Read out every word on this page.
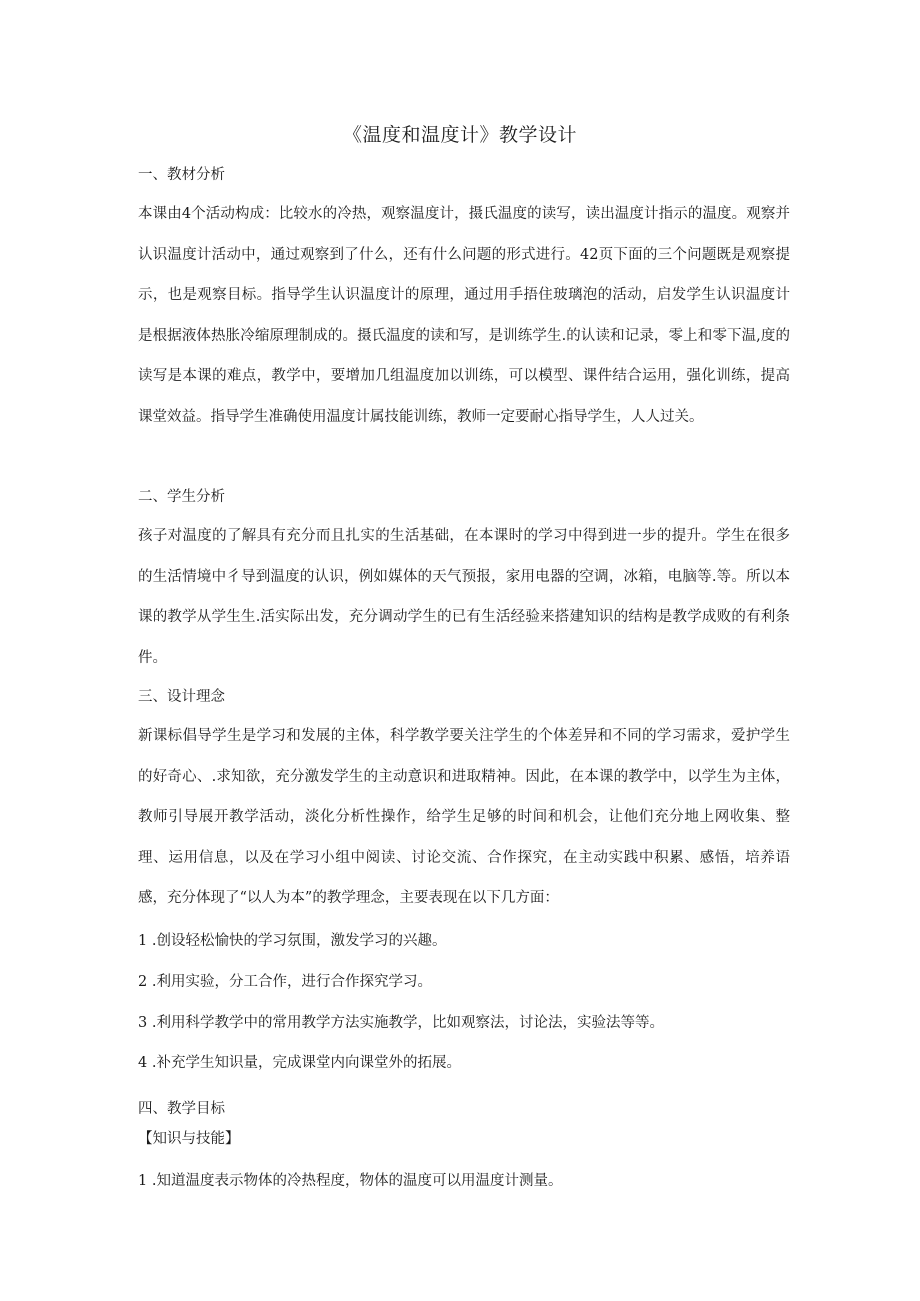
《温度和温度计》教学设计
一、教材分析
本课由4个活动构成：比较水的冷热，观察温度计，摄氏温度的读写，读出温度计指示的温度。观察并认识温度计活动中，通过观察到了什么，还有什么问题的形式进行。42页下面的三个问题既是观察提示，也是观察目标。指导学生认识温度计的原理，通过用手捂住玻璃泡的活动，启发学生认识温度计是根据液体热胀冷缩原理制成的。摄氏温度的读和写，是训练学生.的认读和记录，零上和零下温,度的读写是本课的难点，教学中，要增加几组温度加以训练，可以模型、课件结合运用，强化训练，提高课堂效益。指导学生准确使用温度计属技能训练，教师一定要耐心指导学生，人人过关。
二、学生分析
孩子对温度的了解具有充分而且扎实的生活基础，在本课时的学习中得到进一步的提升。学生在很多的生活情境中彳导到温度的认识，例如媒体的天气预报，家用电器的空调，冰箱，电脑等.等。所以本课的教学从学生生.活实际出发，充分调动学生的已有生活经验来搭建知识的结构是教学成败的有利条件。
三、设计理念
新课标倡导学生是学习和发展的主体，科学教学要关注学生的个体差异和不同的学习需求，爱护学生的好奇心、.求知欲，充分激发学生的主动意识和进取精神。因此，在本课的教学中，以学生为主体，教师引导展开教学活动，淡化分析性操作，给学生足够的时间和机会，让他们充分地上网收集、整理、运用信息，以及在学习小组中阅读、讨论交流、合作探究，在主动实践中积累、感悟，培养语感，充分体现了“以人为本”的教学理念，主要表现在以下几方面：
1 .创设轻松愉快的学习氛围，激发学习的兴趣。
2 .利用实验，分工合作，进行合作探究学习。
3 .利用科学教学中的常用教学方法实施教学，比如观察法，讨论法，实验法等等。
4 .补充学生知识量，完成课堂内向课堂外的拓展。
四、教学目标
【知识与技能】
1 .知道温度表示物体的冷热程度，物体的温度可以用温度计测量。
